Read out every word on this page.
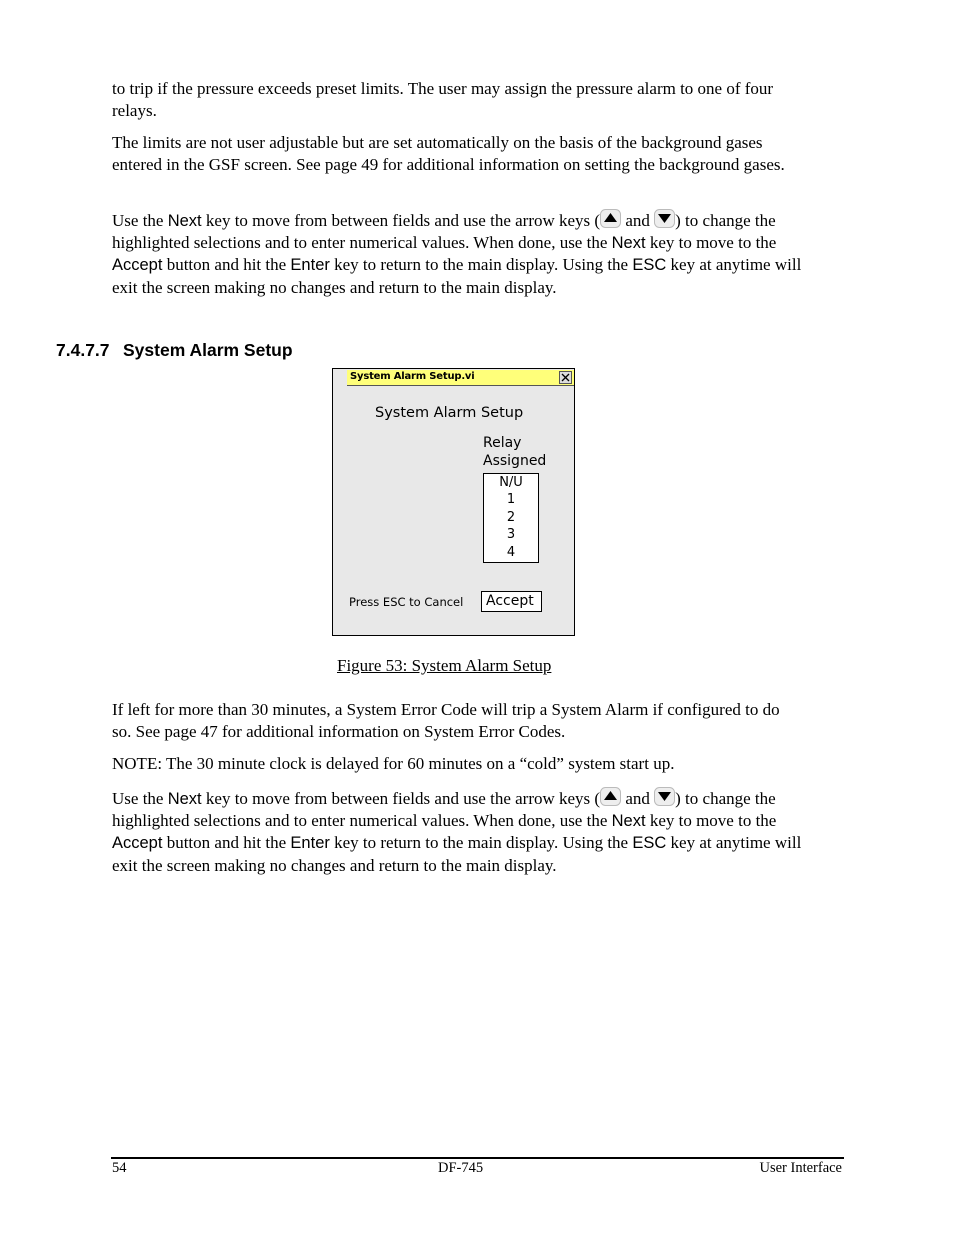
to trip if the pressure exceeds preset limits. The user may assign the pressure alarm to one of four relays.

The limits are not user adjustable but are set automatically on the basis of the background gases entered in the GSF screen. See page 49 for additional information on setting the background gases.

Use the Next key to move from between fields and use the arrow keys (
and
) to change the highlighted selections and to enter numerical values. When done, use the Next key to move to the Accept button and hit the Enter key to return to the main display. Using the ESC key at anytime will exit the screen making no changes and return to the main display.

7.4.7.7 System Alarm Setup
System Alarm Setup.vi
System Alarm Setup
Relay
Assigned
N/U
1
2
3
4
Press ESC to Cancel	Accept
Figure 53: System Alarm Setup

If left for more than 30 minutes, a System Error Code will trip a System Alarm if configured to do so. See page 47 for additional information on System Error Codes.

NOTE: The 30 minute clock is delayed for 60 minutes on a “cold” system start up.

Use the Next key to move from between fields and use the arrow keys (
and
) to change the highlighted selections and to enter numerical values. When done, use the Next key to move to the Accept button and hit the Enter key to return to the main display. Using the ESC key at anytime will exit the screen making no changes and return to the main display.

54	DF-745	User Interface
